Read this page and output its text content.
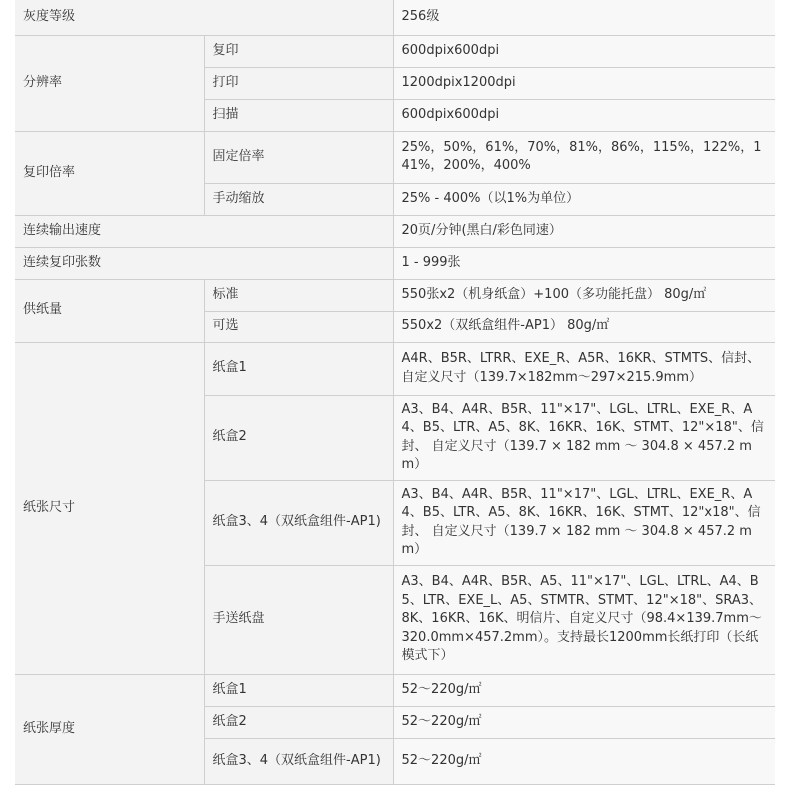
灰度等级		256级
分辨率	复印	600dpix600dpi
	打印	1200dpix1200dpi
	扫描	600dpix600dpi
复印倍率	固定倍率	25%，50%，61%，70%，81%，86%，115%，122%，141%，200%，400%
	手动缩放	25% - 400%（以1%为单位）
连续输出速度		20页/分钟(黑白/彩色同速）
连续复印张数		1 - 999张
供纸量	标准	550张x2（机身纸盒）+100（多功能托盘） 80g/㎡
	可选	550x2（双纸盒组件-AP1） 80g/㎡
纸张尺寸	纸盒1	A4R、B5R、LTRR、EXE_R、A5R、16KR、STMTS、信封、自定义尺寸（139.7×182mm～297×215.9mm）
	纸盒2	A3、B4、A4R、B5R、11"×17"、LGL、LTRL、EXE_R、A4、B5、LTR、A5、8K、16KR、16K、STMT、12"×18"、信封、 自定义尺寸（139.7 × 182 mm ～ 304.8 × 457.2 mm）
	纸盒3、4（双纸盒组件-AP1)	A3、B4、A4R、B5R、11"×17"、LGL、LTRL、EXE_R、A4、B5、LTR、A5、8K、16KR、16K、STMT、12"x18"、信封、 自定义尺寸（139.7 × 182 mm ～ 304.8 × 457.2 mm）
	手送纸盘	A3、B4、A4R、B5R、A5、11"×17"、LGL、LTRL、A4、B5、LTR、EXE_L、A5、STMTR、STMT、12"×18"、SRA3、8K、16KR、16K、明信片、自定义尺寸（98.4×139.7mm～320.0mm×457.2mm）。支持最长1200mm长纸打印（长纸模式下）
纸张厚度	纸盒1	52～220g/㎡
	纸盒2	52～220g/㎡
	纸盒3、4（双纸盒组件-AP1)	52～220g/㎡
